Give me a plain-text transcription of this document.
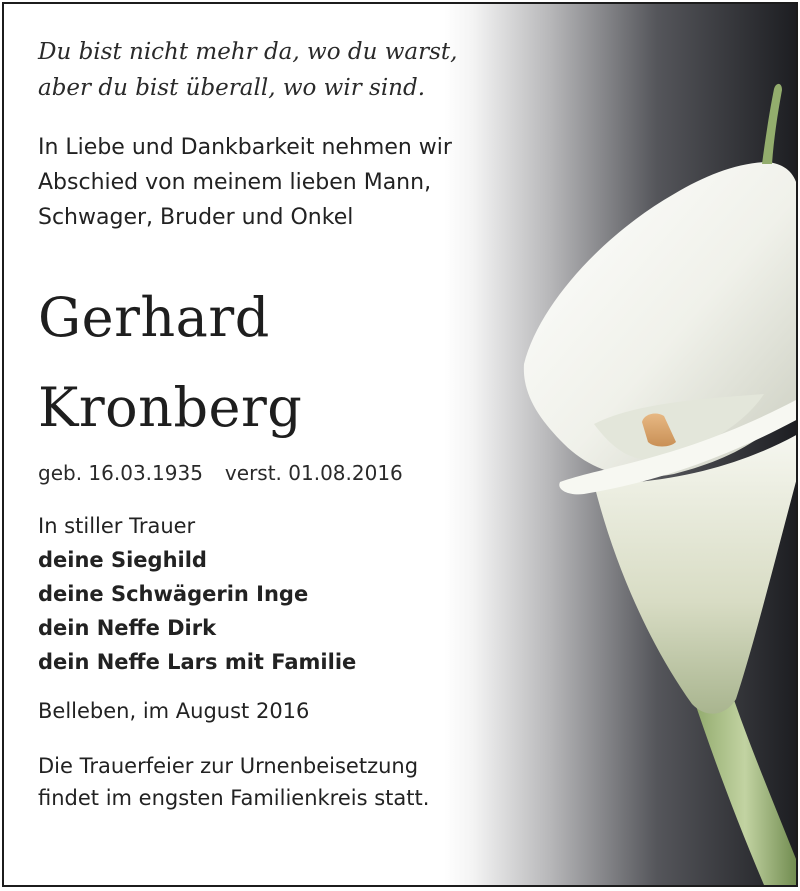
Du bist nicht mehr da, wo du warst,
aber du bist überall, wo wir sind.
In Liebe und Dankbarkeit nehmen wir
Abschied von meinem lieben Mann,
Schwager, Bruder und Onkel
Gerhard
Kronberg
geb. 16.03.1935 verst. 01.08.2016
In stiller Trauer
deine Sieghild
deine Schwägerin Inge
dein Neffe Dirk
dein Neffe Lars mit Familie
Belleben, im August 2016
Die Trauerfeier zur Urnenbeisetzung
findet im engsten Familienkreis statt.
